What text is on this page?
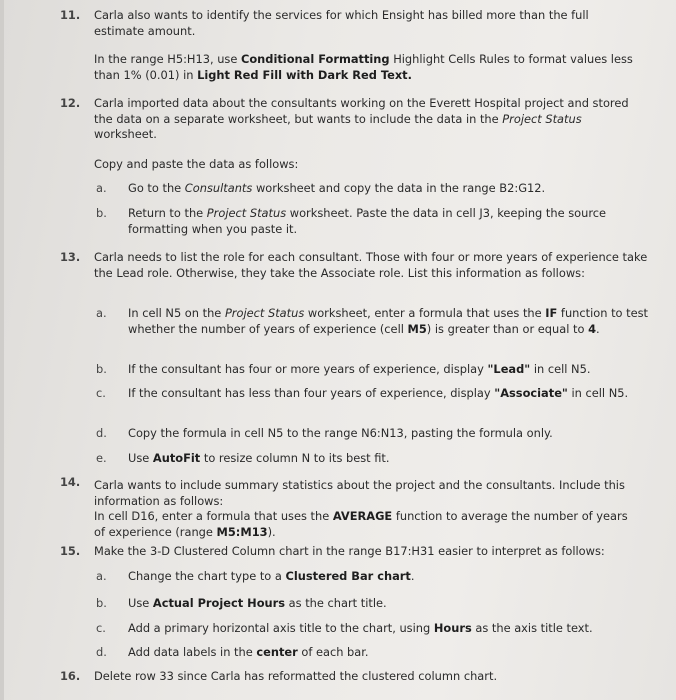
11. Carla also wants to identify the services for which Ensight has billed more than the full estimate amount.
In the range H5:H13, use Conditional Formatting Highlight Cells Rules to format values less than 1% (0.01) in Light Red Fill with Dark Red Text.
12. Carla imported data about the consultants working on the Everett Hospital project and stored the data on a separate worksheet, but wants to include the data in the Project Status worksheet.
Copy and paste the data as follows:
a. Go to the Consultants worksheet and copy the data in the range B2:G12.
b. Return to the Project Status worksheet. Paste the data in cell J3, keeping the source formatting when you paste it.
13. Carla needs to list the role for each consultant. Those with four or more years of experience take the Lead role. Otherwise, they take the Associate role. List this information as follows:
a. In cell N5 on the Project Status worksheet, enter a formula that uses the IF function to test whether the number of years of experience (cell M5) is greater than or equal to 4.
b. If the consultant has four or more years of experience, display "Lead" in cell N5.
c. If the consultant has less than four years of experience, display "Associate" in cell N5.
d. Copy the formula in cell N5 to the range N6:N13, pasting the formula only.
e. Use AutoFit to resize column N to its best fit.
14. Carla wants to include summary statistics about the project and the consultants. Include this information as follows:
In cell D16, enter a formula that uses the AVERAGE function to average the number of years of experience (range M5:M13).
15. Make the 3-D Clustered Column chart in the range B17:H31 easier to interpret as follows:
a. Change the chart type to a Clustered Bar chart.
b. Use Actual Project Hours as the chart title.
c. Add a primary horizontal axis title to the chart, using Hours as the axis title text.
d. Add data labels in the center of each bar.
16. Delete row 33 since Carla has reformatted the clustered column chart.
